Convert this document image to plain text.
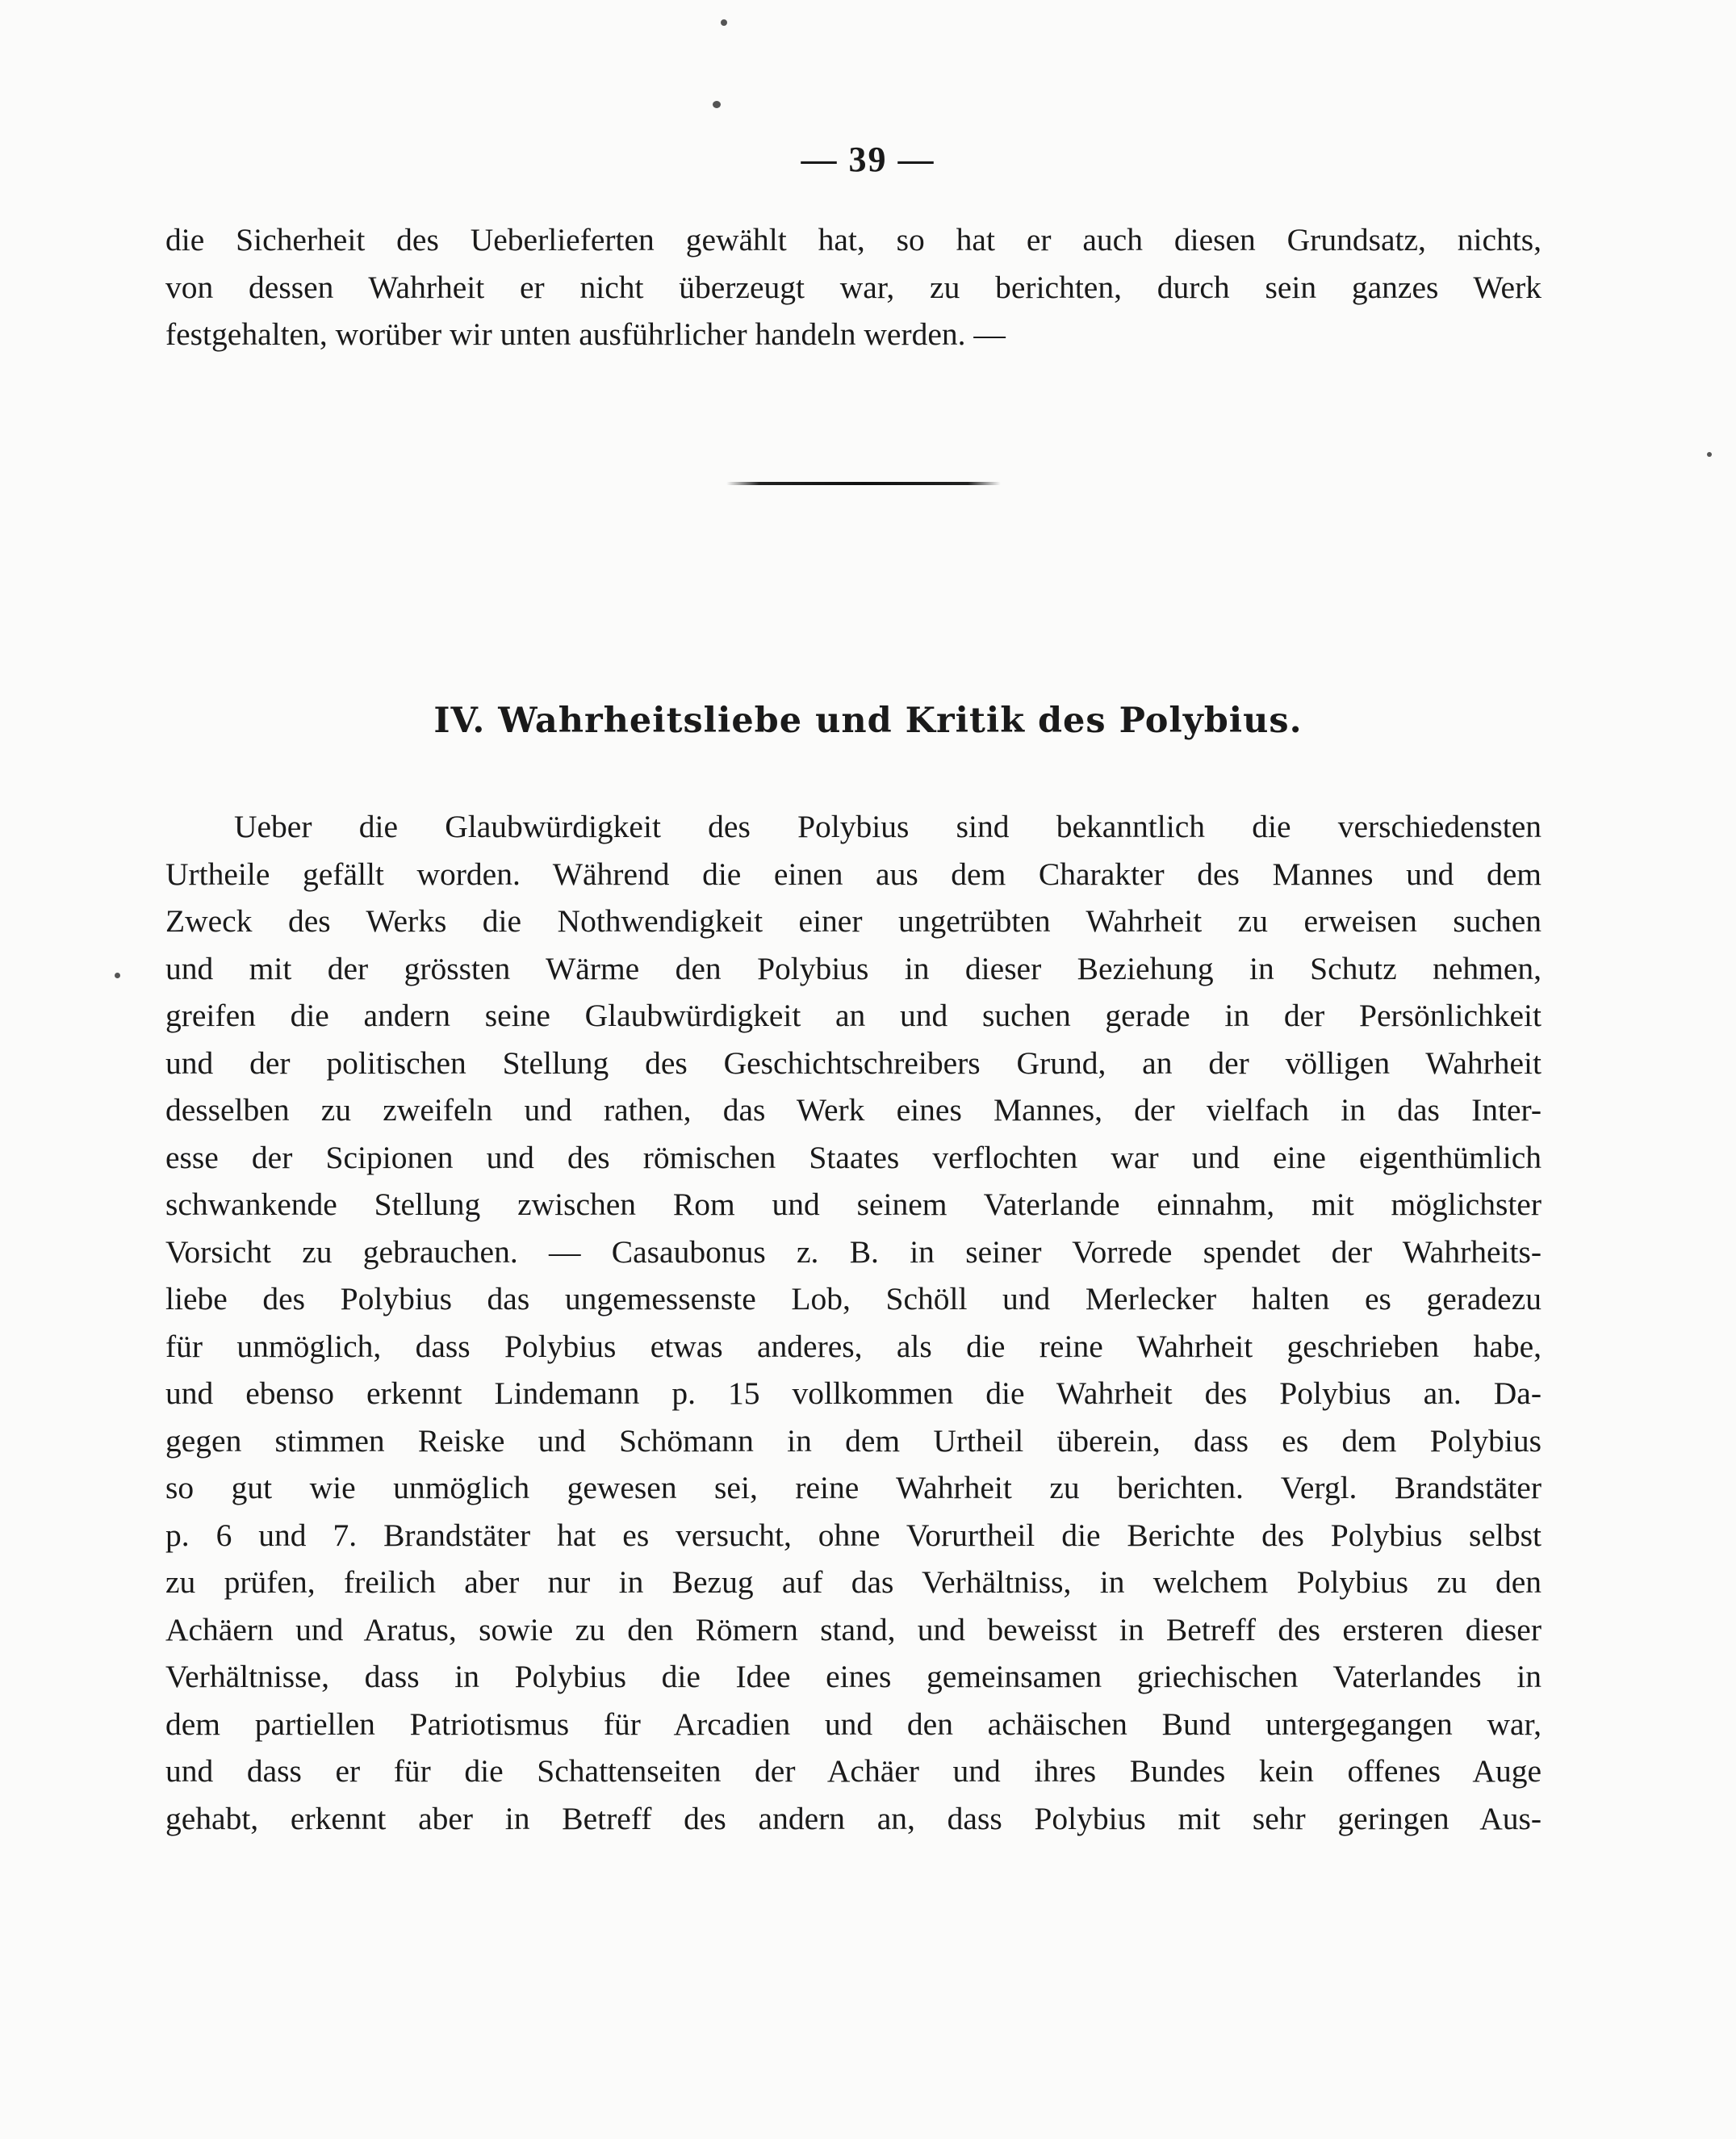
— 39 —
die Sicherheit des Ueberlieferten gewählt hat, so hat er auch diesen Grundsatz, nichts,
von dessen Wahrheit er nicht überzeugt war, zu berichten, durch sein ganzes Werk
festgehalten, worüber wir unten ausführlicher handeln werden. —
IV. Wahrheitsliebe und Kritik des Polybius.
Ueber die Glaubwürdigkeit des Polybius sind bekanntlich die verschiedensten
Urtheile gefällt worden. Während die einen aus dem Charakter des Mannes und dem
Zweck des Werks die Nothwendigkeit einer ungetrübten Wahrheit zu erweisen suchen
und mit der grössten Wärme den Polybius in dieser Beziehung in Schutz nehmen,
greifen die andern seine Glaubwürdigkeit an und suchen gerade in der Persönlichkeit
und der politischen Stellung des Geschichtschreibers Grund, an der völligen Wahrheit
desselben zu zweifeln und rathen, das Werk eines Mannes, der vielfach in das Inter-
esse der Scipionen und des römischen Staates verflochten war und eine eigenthümlich
schwankende Stellung zwischen Rom und seinem Vaterlande einnahm, mit möglichster
Vorsicht zu gebrauchen. — Casaubonus z. B. in seiner Vorrede spendet der Wahrheits-
liebe des Polybius das ungemessenste Lob, Schöll und Merlecker halten es geradezu
für unmöglich, dass Polybius etwas anderes, als die reine Wahrheit geschrieben habe,
und ebenso erkennt Lindemann p. 15 vollkommen die Wahrheit des Polybius an. Da-
gegen stimmen Reiske und Schömann in dem Urtheil überein, dass es dem Polybius
so gut wie unmöglich gewesen sei, reine Wahrheit zu berichten. Vergl. Brandstäter
p. 6 und 7. Brandstäter hat es versucht, ohne Vorurtheil die Berichte des Polybius selbst
zu prüfen, freilich aber nur in Bezug auf das Verhältniss, in welchem Polybius zu den
Achäern und Aratus, sowie zu den Römern stand, und beweisst in Betreff des ersteren dieser
Verhältnisse, dass in Polybius die Idee eines gemeinsamen griechischen Vaterlandes in
dem partiellen Patriotismus für Arcadien und den achäischen Bund untergegangen war,
und dass er für die Schattenseiten der Achäer und ihres Bundes kein offenes Auge
gehabt, erkennt aber in Betreff des andern an, dass Polybius mit sehr geringen Aus-
